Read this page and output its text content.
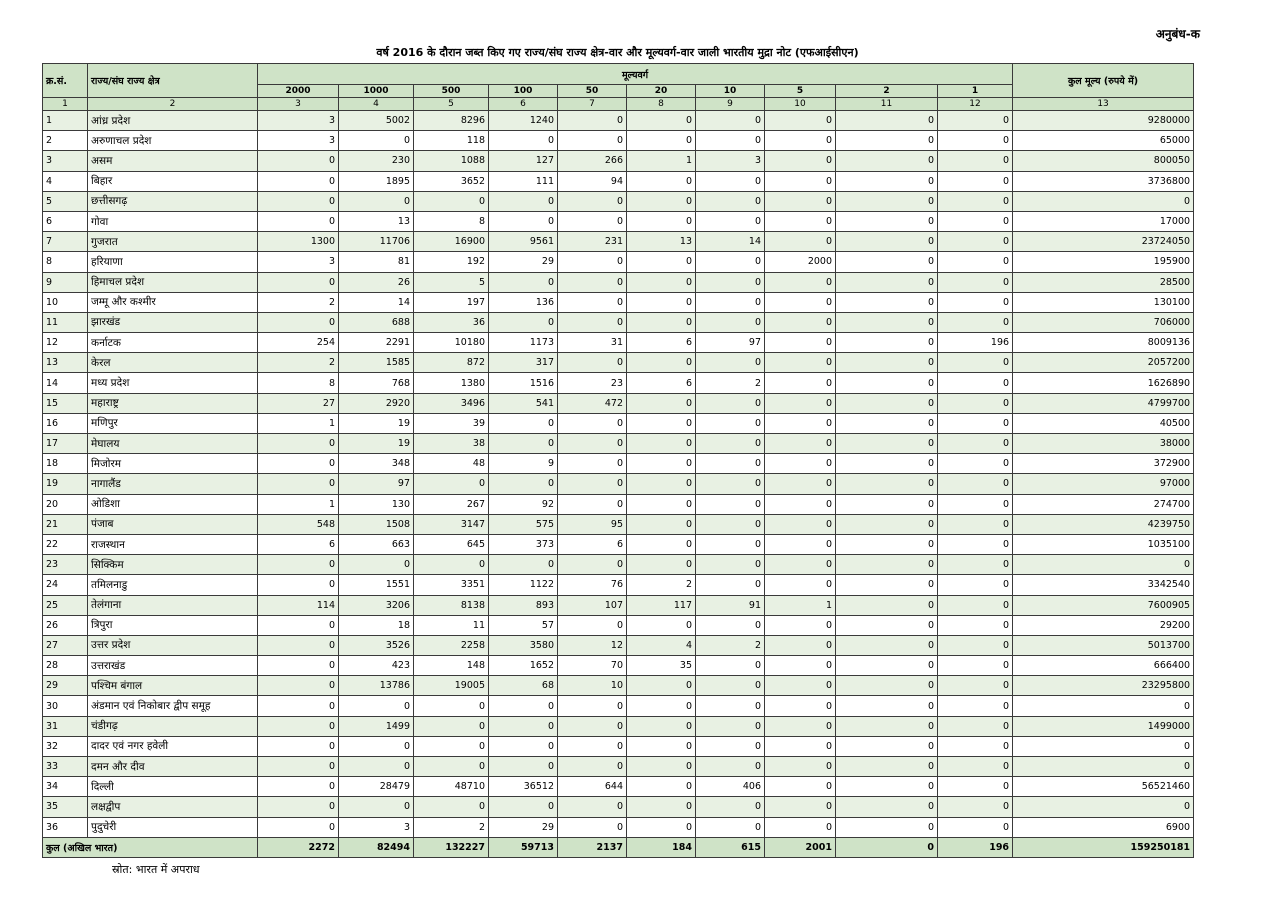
अनुबंध-क
वर्ष 2016 के दौरान जब्त किए गए राज्य/संघ राज्य क्षेत्र-वार और मूल्यवर्ग-वार जाली भारतीय मुद्रा नोट (एफआईसीएन)
क्र.सं.	राज्य/संघ राज्य क्षेत्र	मूल्यवर्ग										कुल मूल्य (रुपये में)
		2000	1000	500	100	50	20	10	5	2	1	
1	2	3	4	5	6	7	8	9	10	11	12	13
1	आंध्र प्रदेश	3	5002	8296	1240	0	0	0	0	0	0	9280000
2	अरुणाचल प्रदेश	3	0	118	0	0	0	0	0	0	0	65000
3	असम	0	230	1088	127	266	1	3	0	0	0	800050
4	बिहार	0	1895	3652	111	94	0	0	0	0	0	3736800
5	छत्तीसगढ़	0	0	0	0	0	0	0	0	0	0	0
6	गोवा	0	13	8	0	0	0	0	0	0	0	17000
7	गुजरात	1300	11706	16900	9561	231	13	14	0	0	0	23724050
8	हरियाणा	3	81	192	29	0	0	0	2000	0	0	195900
9	हिमाचल प्रदेश	0	26	5	0	0	0	0	0	0	0	28500
10	जम्मू और कश्मीर	2	14	197	136	0	0	0	0	0	0	130100
11	झारखंड	0	688	36	0	0	0	0	0	0	0	706000
12	कर्नाटक	254	2291	10180	1173	31	6	97	0	0	196	8009136
13	केरल	2	1585	872	317	0	0	0	0	0	0	2057200
14	मध्य प्रदेश	8	768	1380	1516	23	6	2	0	0	0	1626890
15	महाराष्ट्र	27	2920	3496	541	472	0	0	0	0	0	4799700
16	मणिपुर	1	19	39	0	0	0	0	0	0	0	40500
17	मेघालय	0	19	38	0	0	0	0	0	0	0	38000
18	मिजोरम	0	348	48	9	0	0	0	0	0	0	372900
19	नागालैंड	0	97	0	0	0	0	0	0	0	0	97000
20	ओडिशा	1	130	267	92	0	0	0	0	0	0	274700
21	पंजाब	548	1508	3147	575	95	0	0	0	0	0	4239750
22	राजस्थान	6	663	645	373	6	0	0	0	0	0	1035100
23	सिक्किम	0	0	0	0	0	0	0	0	0	0	0
24	तमिलनाडु	0	1551	3351	1122	76	2	0	0	0	0	3342540
25	तेलंगाना	114	3206	8138	893	107	117	91	1	0	0	7600905
26	त्रिपुरा	0	18	11	57	0	0	0	0	0	0	29200
27	उत्तर प्रदेश	0	3526	2258	3580	12	4	2	0	0	0	5013700
28	उत्तराखंड	0	423	148	1652	70	35	0	0	0	0	666400
29	पश्चिम बंगाल	0	13786	19005	68	10	0	0	0	0	0	23295800
30	अंडमान एवं निकोबार द्वीप समूह	0	0	0	0	0	0	0	0	0	0	0
31	चंडीगढ़	0	1499	0	0	0	0	0	0	0	0	1499000
32	दादर एवं नगर हवेली	0	0	0	0	0	0	0	0	0	0	0
33	दमन और दीव	0	0	0	0	0	0	0	0	0	0	0
34	दिल्ली	0	28479	48710	36512	644	0	406	0	0	0	56521460
35	लक्षद्वीप	0	0	0	0	0	0	0	0	0	0	0
36	पुदुचेरी	0	3	2	29	0	0	0	0	0	0	6900
कुल (अखिल भारत)		2272	82494	132227	59713	2137	184	615	2001	0	196	159250181
स्रोत: भारत में अपराध
